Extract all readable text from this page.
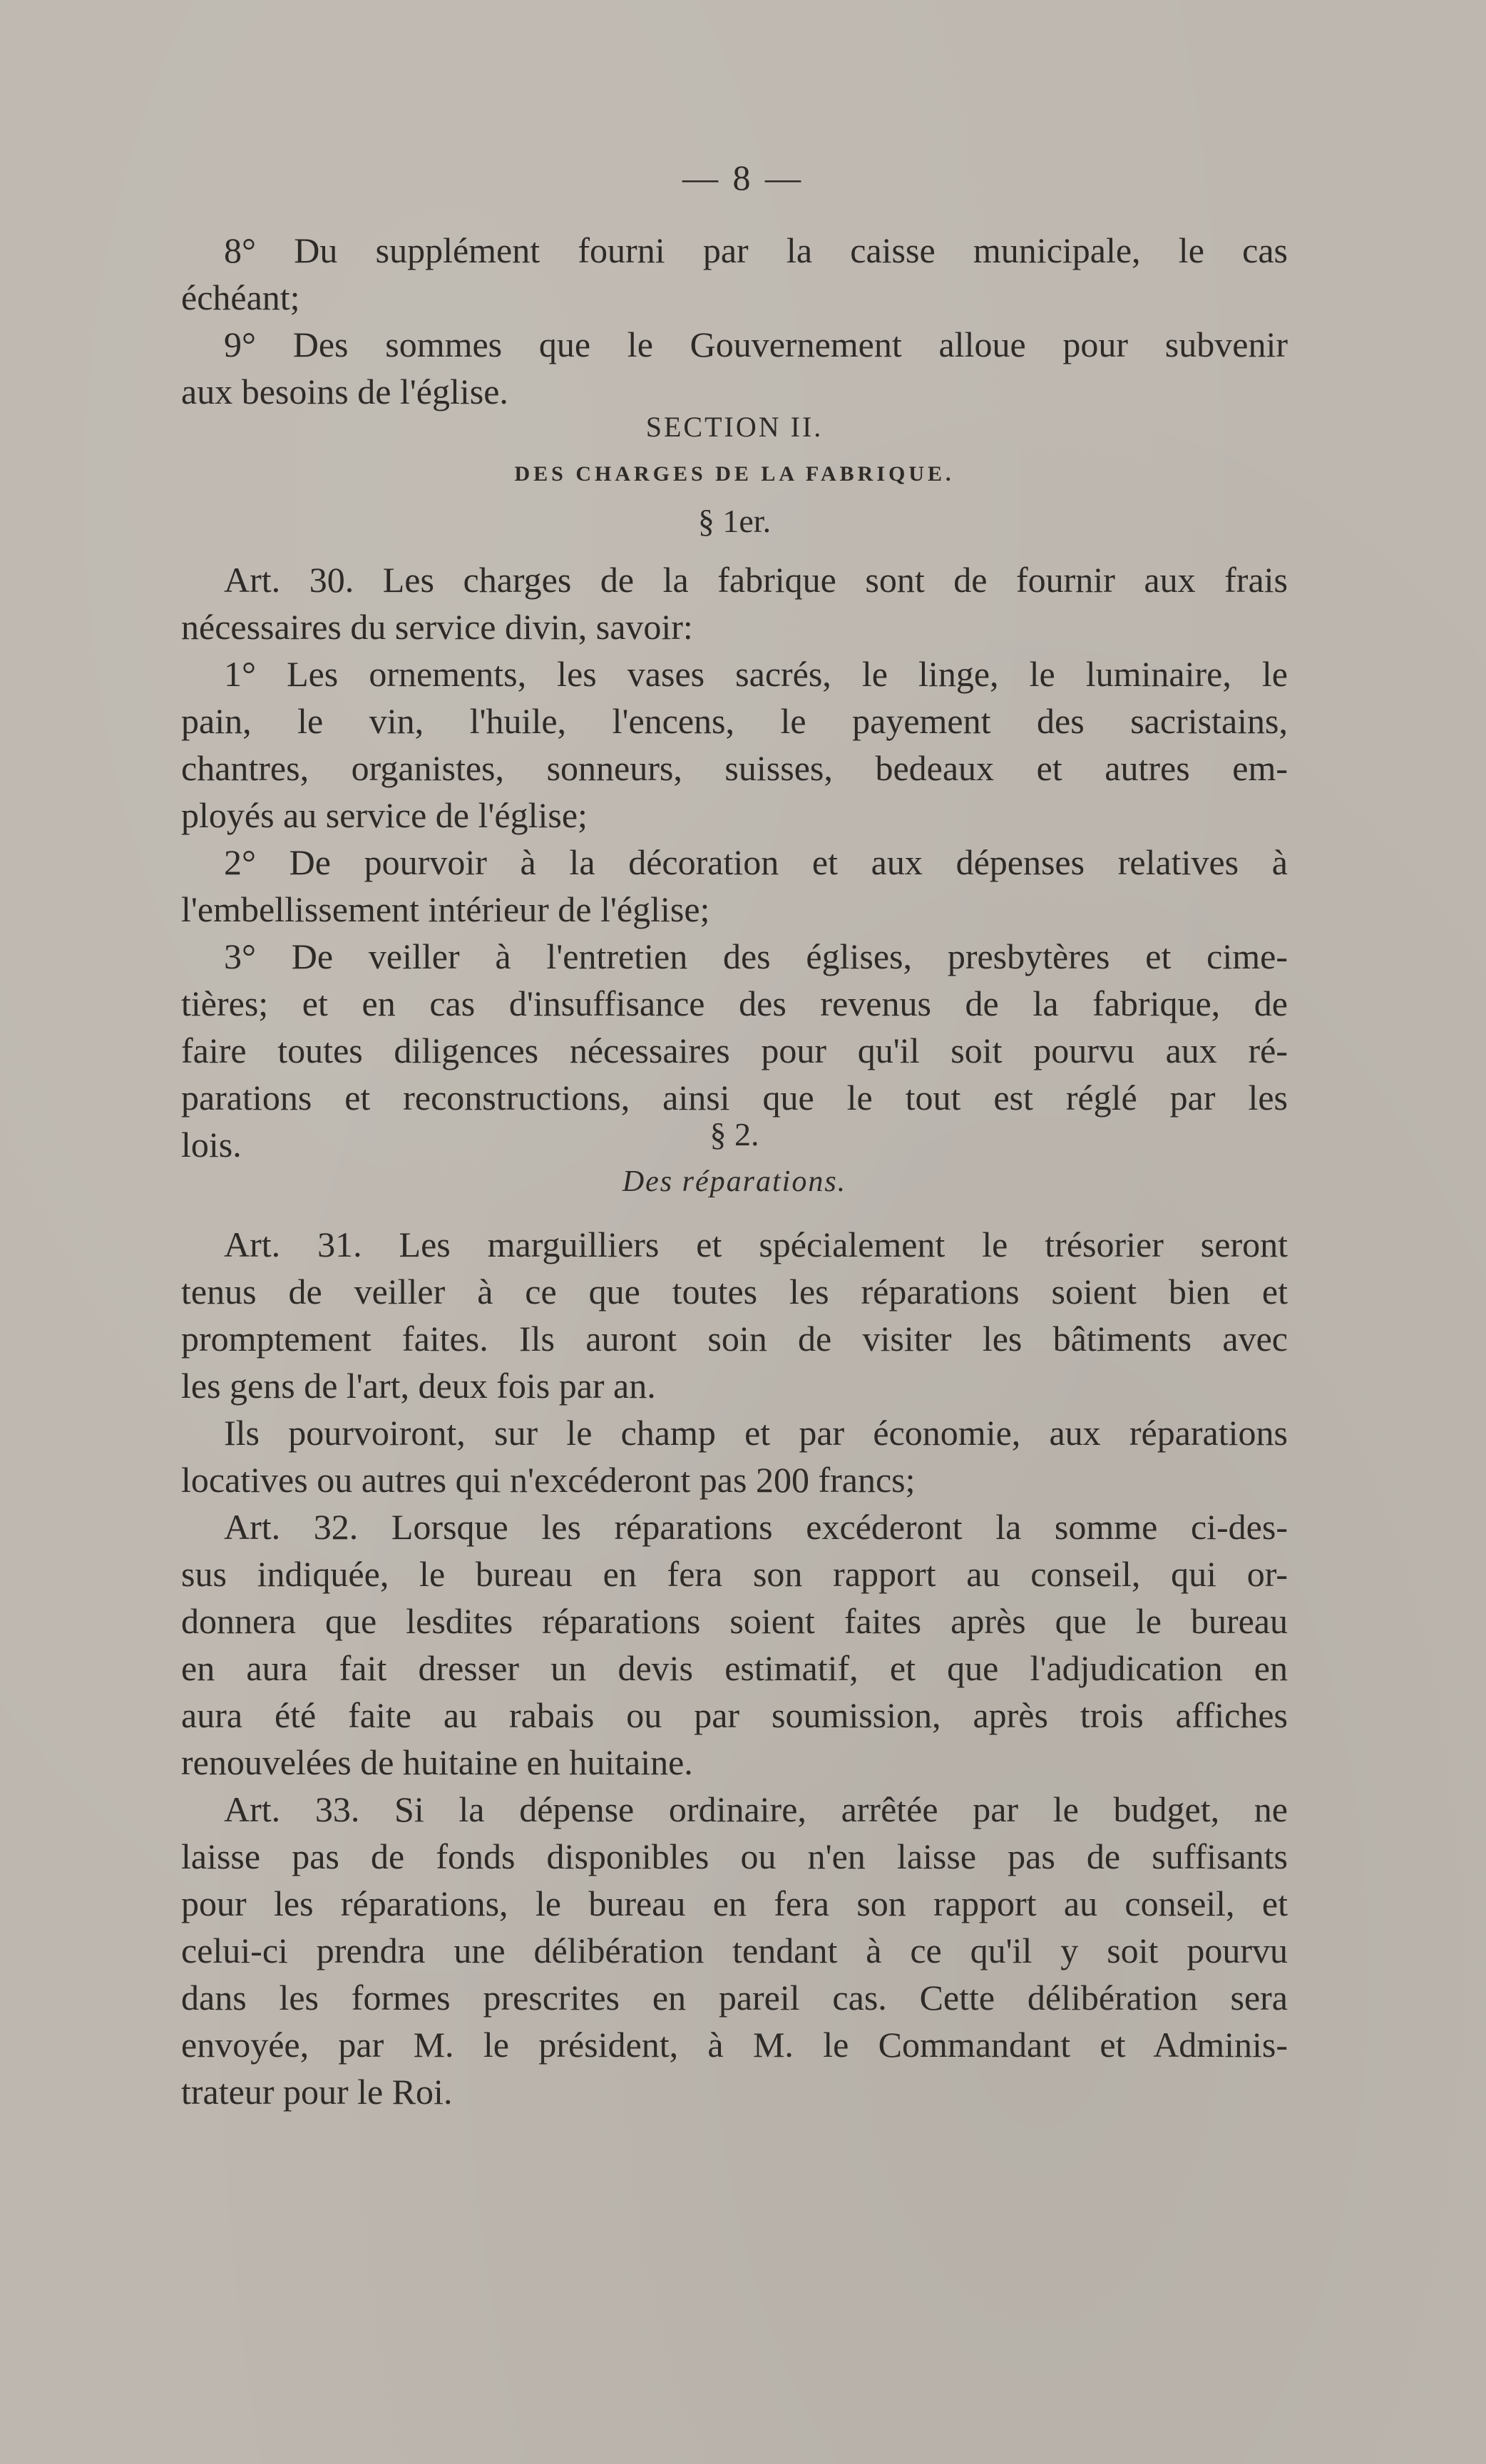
— 8 —
8° Du supplément fourni par la caisse municipale, le cas
échéant;
9° Des sommes que le Gouvernement alloue pour subvenir
aux besoins de l'église.
SECTION II.
DES CHARGES DE LA FABRIQUE.
§ 1er.
Art. 30. Les charges de la fabrique sont de fournir aux frais
nécessaires du service divin, savoir:
1° Les ornements, les vases sacrés, le linge, le luminaire, le
pain, le vin, l'huile, l'encens, le payement des sacristains,
chantres, organistes, sonneurs, suisses, bedeaux et autres em-
ployés au service de l'église;
2° De pourvoir à la décoration et aux dépenses relatives à
l'embellissement intérieur de l'église;
3° De veiller à l'entretien des églises, presbytères et cime-
tières; et en cas d'insuffisance des revenus de la fabrique, de
faire toutes diligences nécessaires pour qu'il soit pourvu aux ré-
parations et reconstructions, ainsi que le tout est réglé par les
lois.	§ 2.
Des réparations.
Art. 31. Les marguilliers et spécialement le trésorier seront
tenus de veiller à ce que toutes les réparations soient bien et
promptement faites. Ils auront soin de visiter les bâtiments avec
les gens de l'art, deux fois par an.
Ils pourvoiront, sur le champ et par économie, aux réparations
locatives ou autres qui n'excéderont pas 200 francs;
Art. 32. Lorsque les réparations excéderont la somme ci-des-
sus indiquée, le bureau en fera son rapport au conseil, qui or-
donnera que lesdites réparations soient faites après que le bureau
en aura fait dresser un devis estimatif, et que l'adjudication en
aura été faite au rabais ou par soumission, après trois affiches
renouvelées de huitaine en huitaine.
Art. 33. Si la dépense ordinaire, arrêtée par le budget, ne
laisse pas de fonds disponibles ou n'en laisse pas de suffisants
pour les réparations, le bureau en fera son rapport au conseil, et
celui-ci prendra une délibération tendant à ce qu'il y soit pourvu
dans les formes prescrites en pareil cas. Cette délibération sera
envoyée, par M. le président, à M. le Commandant et Adminis-
trateur pour le Roi.
